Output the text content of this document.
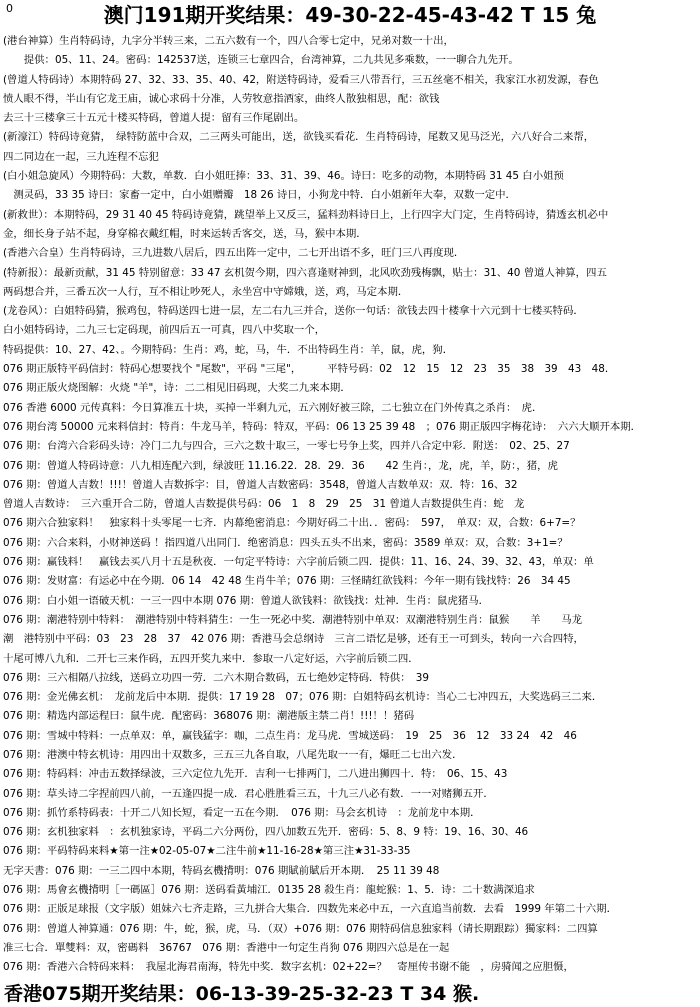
0	澳门191期开奖结果：49-30-22-45-43-42 T 15 兔
(港台神算）生肖特码诗，九字分半转三来，二五六数有一个，四八合零七定中，兄弟对数一十出，
　　提供：05、11、24。密码：142537送，连锁三七章四合，台湾神算，二九共见多乘数，一一聊合九先开。
(曾道人特码诗）本期特码 27、32、33、35、40、42，附送特码诗，爱看三八带吾行，三五丝毫不相关，我家江水初发源，春色
愤人眼不得，半山有它龙王庙，诚心求码十分准，人劳牧意指酒家，曲终人散独相思，配：欲钱
去三十三楼拿三十五元十楼买特码，曾道人提：留有三作尾剧出。
(新濠江）特码诗竟猜，　绿特防蓝中合双，二三两头可能出，送，欲钱买看花．生肖特码诗，尾数又见马泛光，六八好合二来帮，
四二同边在一起，三九连程不忘犯
(白小姐急旋风）今期特码：大数，单数．白小姐旺捧：33、31、39、46。诗曰：吃多的动物，本期特码 31 45 白小姐预
　测灵码，33 35 诗曰：家畜一定中，白小姐赠瓣　18 26 诗日，小狗龙中特．白小姐新年大奉，双数一定中．
(新救世）：本期特码，29 31 40 45 特码诗竟猜，跳望举上又反三，猛料劲料诗日上，上行四字大门定，生肖特码诗，猜透玄机必中
金，细长身子站不起，身穿棉衣戴红帽，时来运转舌客交，送，马，猴中本期．
(香港六合皇）生肖特码诗，三九进数八居后，四五出阵一定中，二七开出语不多，旺门三八再度现．
(特新报）：最新贡献，31 45 特别留意：33 47 玄机贺今期，四六喜逢财神到，北风吹劲残梅飘，贴士：31、40 曾道人神算，四五
两码想合并，三番五次一人行，互不相让吵死人，永坐宫中守嫦娥，送，鸡，马定本期．
(龙卷风）：白姐特码猜，猴鸡包，特码送四七进一层，左二右九三并合，送你一句话：欲钱去四十楼拿十六元到十七楼买特码．
白小姐特码诗，二九三七定码现，前四后五一可真，四八中奖取一个，
特码提供：10、27、42、。今期特码：生肖：鸡，蛇，马，牛．不出特码生肖：羊，鼠，虎，狗．
076 期正版特平码信封：特码心想要找个 "尾数"，平码 "三尾"，　　　平特号码：02　12　15　12　23　35　38　39　43　48．
076 期正版火烧图解：火烧 "羊"，诗：二二相见旧码现，大奖二九来本期．
076 香港 6000 元传真料：今日算准五十块，买掉一半剩九元，五六刚好被三除，二七独立在门外传真之杀肖：　虎．
076 期台湾 50000 元来料信封：特肖：牛龙马羊，特码：特双，平码：06 13 25 39 48　；076 期正版四字梅花诗：　六六大顺开本期．
076 期：台湾六合彩码头诗：冷门二九与四合，三六之数十取三，一零七号争上奖，四并八合定中彩．附送：　02、25、27
076 期：曾道人特码诗意：八九相连配六到，绿波旺 11.16.22．28．29．36　　42 生肖：，龙，虎，羊，防：，猪，虎
076 期：曾道人吉数！!!!！曾道人吉数拆字：目，曾道人吉数密码：3548，曾道人吉数单双：双．特：16、32
曾道人吉数诗：　三六重开合二防，曾道人吉数提供号码：06　1　8　29　25　31 曾道人吉数提供生肖：蛇　龙
076 期六合独家料！　独家料十头零尾一七齐．内幕绝密消息：今期好码二十出．．密码：　597，　单双：双，合数：6+7=？
076 期：六合来料，小财神送码 ！指四道八出同门．绝密消息：四头五头不出来，密码：3589 单双：双，合数：3+1=？
076 期：赢钱料！　赢钱去买八月十五是秋夜．一句定平特诗：六字前后锁二四．提供：11、16、24、39、32、43，单双：单
076 期：发财富：有运必中在今期．06 14　42 48 生肖牛羊；076 期：三怪睛红欲钱料：今年一期有钱找特：26　34 45
076 期：白小姐一语破天机：一三一四中本期 076 期：曾道人欲钱料：欲钱找：灶神．生肖：鼠虎猪马．
076 期：潮港特别中特料：　潮港特别中特料猜生：一生一死必中奖．潮港特别中单双：双潮港特别生肖：鼠猴　　羊　　马龙
潮　港特别中平码：03　23　28　37　42 076 期：香港马会总纲诗　三言二语忆是够，还有王一可到头，转向一六合四特，
十尾可博八九和．二开七三来作码，五四开奖九来中．参取一八定好运，六字前后锁二四．
076 期：三六相隔八拉线，送码立功四一劳．二六木期合数码，五七绝妙定特码．特供：　39
076 期：金光佛玄机：　龙前龙后中本期．提供：17 19 28　07；076 期：白姐特码玄机诗：当心二七冲四五，大奖选码三二来．
076 期：精选内部运程曰：鼠牛虎．配密码：368076 期：潮港版主禁二肖！!!!！！猪码
076 期：雪城中特料：一点单双：单，赢钱猛字：咖，二点生肖：龙马虎．雪城送码：　19　25　36　12　33 24　42　46
076 期：港澳中特玄机诗：用四出十双数多，三五三九各自取，八尾先取一一有，爆旺二七出六发．
076 期：特码料：冲击五数择绿波，三六定位九先开．吉利一七排两门，二八进出狮四十．特：　06、15、43
076 期：草头诗二字捏前四八前，一五逢四提一成．君心胜胜看三五，十九三八必有数．一一对赌狮五开．
076 期：抓竹系特码表：十开二八知长短，看定一五在今期．　076 期：马会玄机诗　：龙前龙中本期．
076 期：玄机独家料　：玄机独家诗，平码二六分两份，四八加数五先开．密码：5、8、9 特：19、16、30、46
076 期：平码特码来料★第一注★02-05-07★二注牛前★11-16-28★第三注★31-33-35
无字天書：076 期：一三二四中本期，特码玄機揹明：076 期賦前賦后开本期．　25 11 39 48
076 期：馬會玄機揹明［一碼區］076 期：送码看黃埔江．0135 28 殺生肖：龍蛇猴：1、5．诗：二十数满深追求
076 期：正版足球报（文字版）姐妹六七齐走路，三九拼合大集合．四数先来必中五，一六直追当前数．去看　1999 年第二十六期．
076 期：曾道人神算通：076 期：牛，蛇，猴，虎，马．（双）+076 期：076 期特码信息独家料（请长期跟踪）獨家料：二四算
准三七合．單雙料：双，密碼料　36767　076 期：香港中一句定生肖狗 076 期四六总是在一起
076 期：香港六合特码来料：　我屋北海君南海，特先中奖．数字玄机：02+22=？　寄厘传书谢不能　，房骑闻之应胆慑，
香港075期开奖结果：06-13-39-25-32-23 T 34 猴.
